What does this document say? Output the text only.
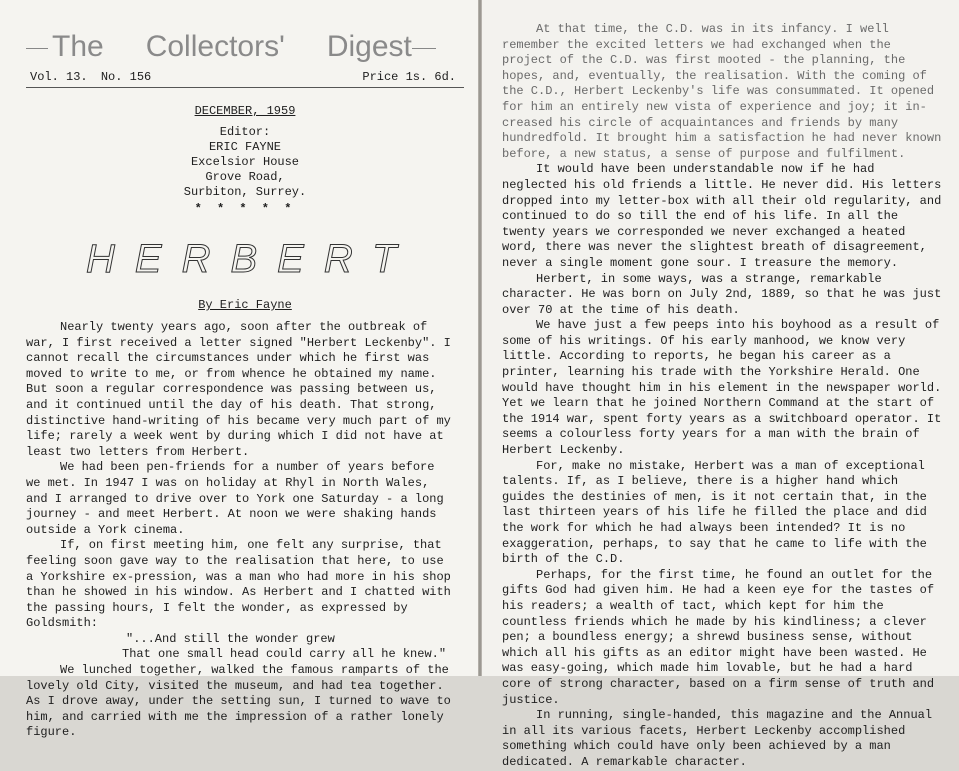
The Collectors' Digest
Vol. 13. No. 156	Price 1s. 6d.
DECEMBER, 1959
Editor:
ERIC FAYNE
Excelsior House
Grove Road,
Surbiton, Surrey.
* * * * *
HERBERT
By Eric Fayne

Nearly twenty years ago, soon after the outbreak of war, I first received a letter signed "Herbert Leckenby". I cannot recall the circumstances under which he first was moved to write to me, or from whence he obtained my name. But soon a regular correspondence was passing between us, and it continued until the day of his death. That strong, distinctive hand-writing of his became very much part of my life; rarely a week went by during which I did not have at least two letters from Herbert.

We had been pen-friends for a number of years before we met. In 1947 I was on holiday at Rhyl in North Wales, and I arranged to drive over to York one Saturday - a long journey - and meet Herbert. At noon we were shaking hands outside a York cinema.

If, on first meeting him, one felt any surprise, that feeling soon gave way to the realisation that here, to use a Yorkshire ex-pression, was a man who had more in his shop than he showed in his window. As Herbert and I chatted with the passing hours, I felt the wonder, as expressed by Goldsmith:

"...And still the wonder grew
That one small head could carry all he knew."

We lunched together, walked the famous ramparts of the lovely old City, visited the museum, and had tea together. As I drove away, under the setting sun, I turned to wave to him, and carried with me the impression of a rather lonely figure.

At that time, the C.D. was in its infancy. I well remember the excited letters we had exchanged when the project of the C.D. was first mooted - the planning, the hopes, and, eventually, the realisation. With the coming of the C.D., Herbert Leckenby's life was consummated. It opened for him an entirely new vista of experience and joy; it in-creased his circle of acquaintances and friends by many hundredfold. It brought him a satisfaction he had never known before, a new status, a sense of purpose and fulfilment.

It would have been understandable now if he had neglected his old friends a little. He never did. His letters dropped into my letter-box with all their old regularity, and continued to do so till the end of his life. In all the twenty years we corresponded we never exchanged a heated word, there was never the slightest breath of disagreement, never a single moment gone sour. I treasure the memory.

Herbert, in some ways, was a strange, remarkable character. He was born on July 2nd, 1889, so that he was just over 70 at the time of his death.

We have just a few peeps into his boyhood as a result of some of his writings. Of his early manhood, we know very little. According to reports, he began his career as a printer, learning his trade with the Yorkshire Herald. One would have thought him in his element in the newspaper world. Yet we learn that he joined Northern Command at the start of the 1914 war, spent forty years as a switchboard operator. It seems a colourless forty years for a man with the brain of Herbert Leckenby.

For, make no mistake, Herbert was a man of exceptional talents. If, as I believe, there is a higher hand which guides the destinies of men, is it not certain that, in the last thirteen years of his life he filled the place and did the work for which he had always been intended? It is no exaggeration, perhaps, to say that he came to life with the birth of the C.D.

Perhaps, for the first time, he found an outlet for the gifts God had given him. He had a keen eye for the tastes of his readers; a wealth of tact, which kept for him the countless friends which he made by his kindliness; a clever pen; a boundless energy; a shrewd business sense, without which all his gifts as an editor might have been wasted. He was easy-going, which made him lovable, but he had a hard core of strong character, based on a firm sense of truth and justice.

In running, single-handed, this magazine and the Annual in all its various facets, Herbert Leckenby accomplished something which could have only been achieved by a man dedicated. A remarkable character.
